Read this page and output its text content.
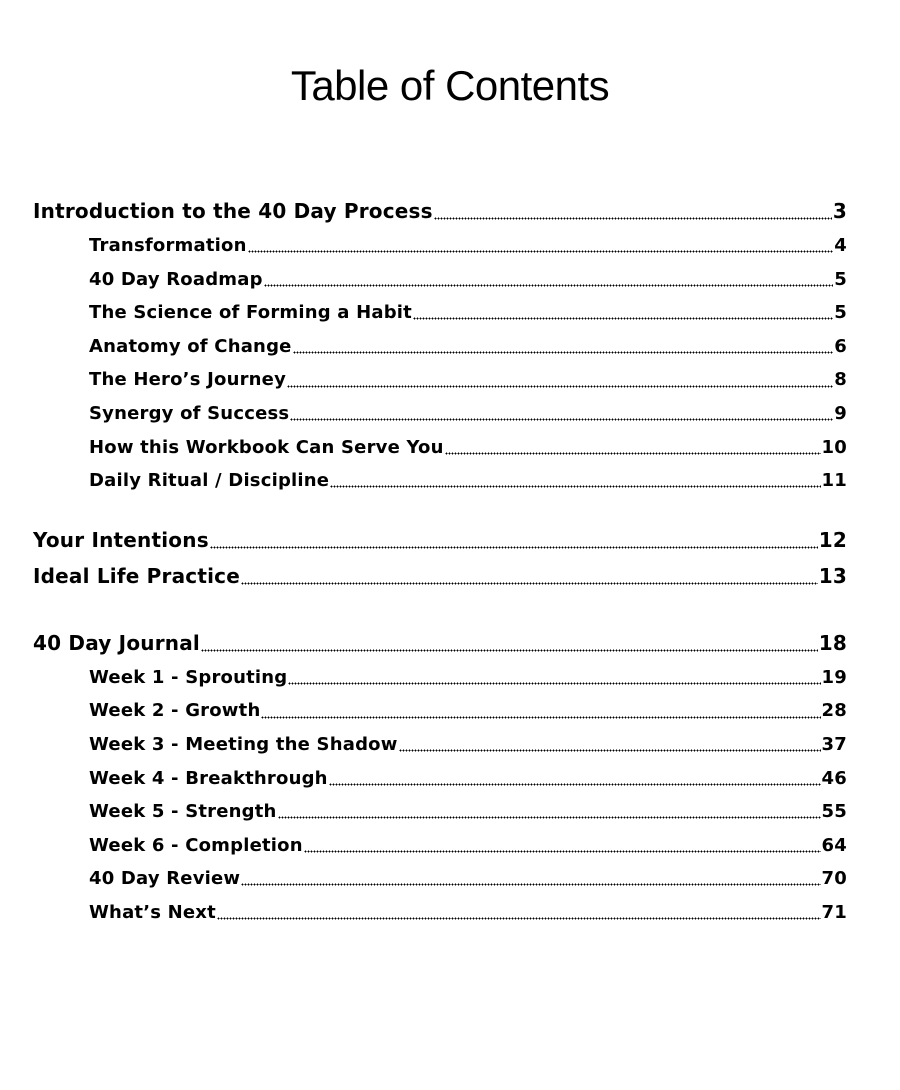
Table of Contents
Introduction to the 40 Day Process	3
Transformation	4
40 Day Roadmap	5
The Science of Forming a Habit	5
Anatomy of Change	6
The Hero’s Journey	8
Synergy of Success	9
How this Workbook Can Serve You	10
Daily Ritual / Discipline	11
Your Intentions	12
Ideal Life Practice	13
40 Day Journal	18
Week 1 - Sprouting	19
Week 2 - Growth	28
Week 3 - Meeting the Shadow	37
Week 4 - Breakthrough	46
Week 5 - Strength	55
Week 6 - Completion	64
40 Day Review	70
What’s Next	71
